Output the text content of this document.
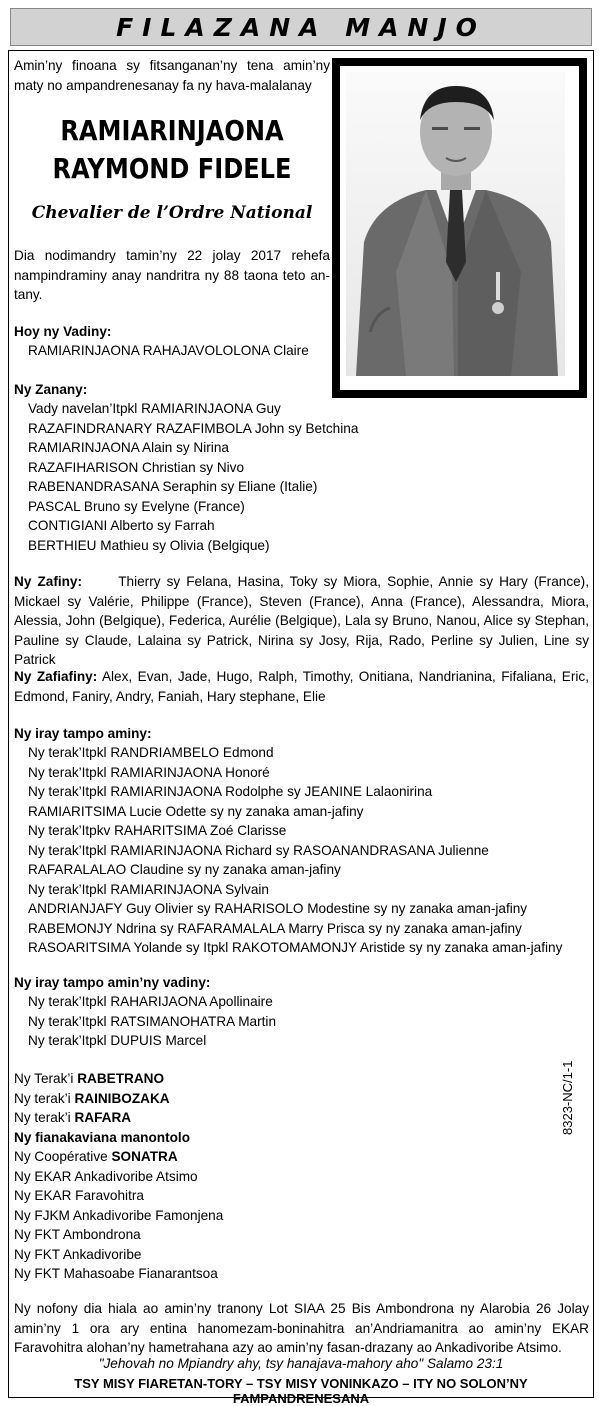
FILAZANA MANJO
Amin’ny finoana sy fitsanganan’ny tena amin’ny maty no ampandrenesanay fa ny hava-malalanay
RAMIARINJAONA
RAYMOND FIDELE
Chevalier de l’Ordre National
Dia nodimandry tamin’ny 22 jolay 2017 rehefa nampindraminy anay nandritra ny 88 taona teto an-tany.
Hoy ny Vadiny:
RAMIARINJAONA RAHAJAVOLOLONA Claire
Ny Zanany:
Vady navelan’Itpkl RAMIARINJAONA Guy
RAZAFINDRANARY RAZAFIMBOLA John sy Betchina
RAMIARINJAONA Alain sy Nirina
RAZAFIHARISON Christian sy Nivo
RABENANDRASANA Seraphin sy Eliane (Italie)
PASCAL Bruno sy Evelyne (France)
CONTIGIANI Alberto sy Farrah
BERTHIEU Mathieu sy Olivia (Belgique)
Ny Zafiny:	Thierry sy Felana, Hasina, Toky sy Miora, Sophie, Annie sy Hary (France), Mickael sy Valérie, Philippe (France), Steven (France), Anna (France), Alessandra, Miora, Alessia, John (Belgique), Federica, Aurélie (Belgique), Lala sy Bruno, Nanou, Alice sy Stephan, Pauline sy Claude, Lalaina sy Patrick, Nirina sy Josy, Rija, Rado, Perline sy Julien, Line sy Patrick
Ny Zafiafiny: Alex, Evan, Jade, Hugo, Ralph, Timothy, Onitiana, Nandrianina, Fifaliana, Eric, Edmond, Faniry, Andry, Faniah, Hary stephane, Elie
Ny iray tampo aminy:
Ny terak’Itpkl RANDRIAMBELO Edmond
Ny terak’Itpkl RAMIARINJAONA Honoré
Ny terak’Itpkl RAMIARINJAONA Rodolphe sy JEANINE Lalaonirina
RAMIARITSIMA Lucie Odette sy ny zanaka aman-jafiny
Ny terak’Itpkv RAHARITSIMA Zoé Clarisse
Ny terak’Itpkl RAMIARINJAONA Richard sy RASOANANDRASANA Julienne
RAFARALALAO Claudine sy ny zanaka aman-jafiny
Ny terak’Itpkl RAMIARINJAONA Sylvain
ANDRIANJAFY Guy Olivier sy RAHARISOLO Modestine sy ny zanaka aman-jafiny
RABEMONJY Ndrina sy RAFARAMALALA Marry Prisca sy ny zanaka aman-jafiny
RASOARITSIMA Yolande sy Itpkl RAKOTOMAMONJY Aristide sy ny zanaka aman-jafiny
Ny iray tampo amin’ny vadiny:
Ny terak’Itpkl RAHARIJAONA Apollinaire
Ny terak’Itpkl RATSIMANOHATRA Martin
Ny terak’Itpkl DUPUIS Marcel
Ny Terak’i RABETRANO
Ny terak’i RAINIBOZAKA
Ny terak’i RAFARA
Ny fianakaviana manontolo
Ny Coopérative SONATRA
Ny EKAR Ankadivoribe Atsimo
Ny EKAR Faravohitra
Ny FJKM Ankadivoribe Famonjena
Ny FKT Ambondrona
Ny FKT Ankadivoribe
Ny FKT Mahasoabe Fianarantsoa
8323-NC/1-1
Ny nofony dia hiala ao amin’ny tranony Lot SIAA 25 Bis Ambondrona ny Alarobia 26 Jolay amin’ny 1 ora ary entina hanomezam-boninahitra an’Andriamanitra ao amin’ny EKAR Faravohitra alohan’ny hametrahana azy ao amin’ny fasan-drazany ao Ankadivoribe Atsimo.
"Jehovah no Mpiandry ahy, tsy hanajava-mahory aho" Salamo 23:1
TSY MISY FIARETAN-TORY – TSY MISY VONINKAZO – ITY NO SOLON’NY FAMPANDRENESANA
